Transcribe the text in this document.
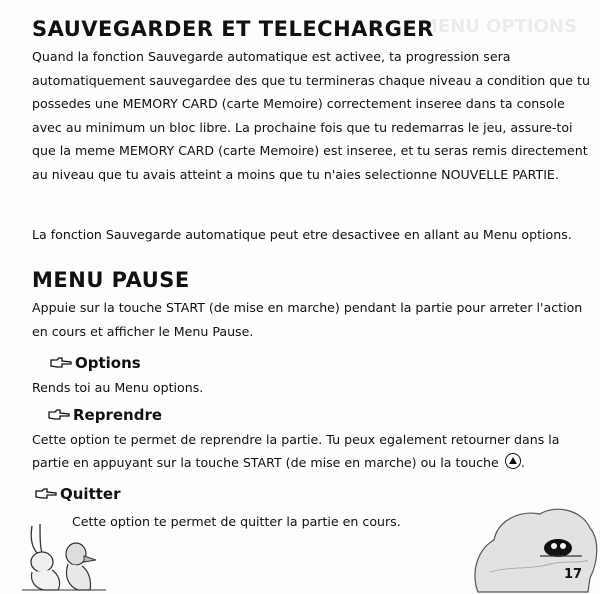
MENU OPTIONS
SAUVEGARDER ET TELECHARGER

Quand la fonction Sauvegarde automatique est activee, ta progression sera automatiquement sauvegardee des que tu termineras chaque niveau a condition que tu possedes une MEMORY CARD (carte Memoire) correctement inseree dans ta console avec au minimum un bloc libre. La prochaine fois que tu redemarras le jeu, assure-toi que la meme MEMORY CARD (carte Memoire) est inseree, et tu seras remis directement au niveau que tu avais atteint a moins que tu n'aies selectionne NOUVELLE PARTIE.

La fonction Sauvegarde automatique peut etre desactivee en allant au Menu options.

MENU PAUSE

Appuie sur la touche START (de mise en marche) pendant la partie pour arreter l'action en cours et afficher le Menu Pause.

Options

Rends toi au Menu options.

Reprendre

Cette option te permet de reprendre la partie. Tu peux egalement retourner dans la partie en appuyant sur la touche START (de mise en marche) ou la touche .

Quitter

Cette option te permet de quitter la partie en cours.

17
